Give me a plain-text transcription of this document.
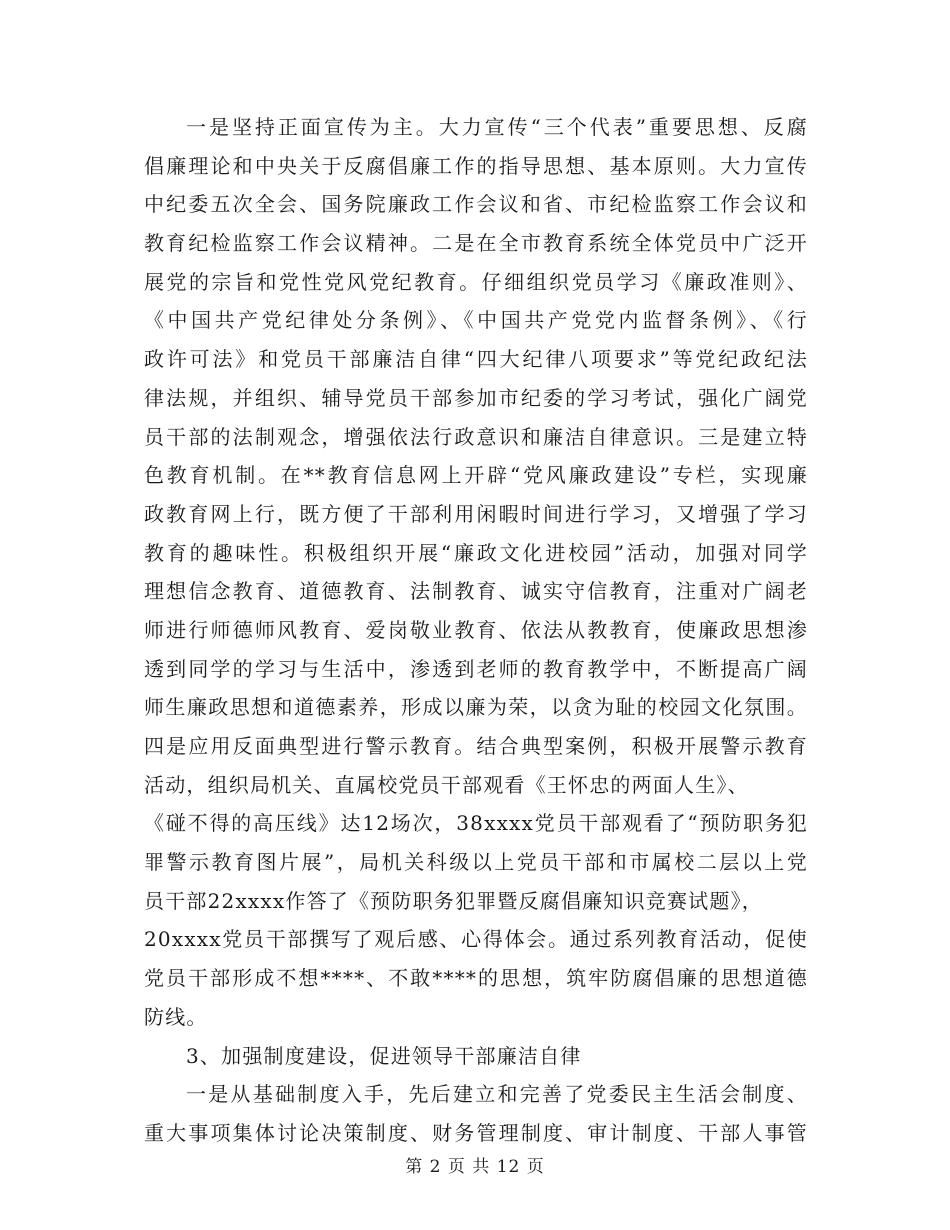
一是坚持正面宣传为主。大力宣传“三个代表”重要思想、反腐
倡廉理论和中央关于反腐倡廉工作的指导思想、基本原则。大力宣传
中纪委五次全会、国务院廉政工作会议和省、市纪检监察工作会议和
教育纪检监察工作会议精神。二是在全市教育系统全体党员中广泛开
展党的宗旨和党性党风党纪教育。仔细组织党员学习《廉政准则》、
《中国共产党纪律处分条例》、《中国共产党党内监督条例》、《行
政许可法》和党员干部廉洁自律“四大纪律八项要求”等党纪政纪法
律法规，并组织、辅导党员干部参加市纪委的学习考试，强化广阔党
员干部的法制观念，增强依法行政意识和廉洁自律意识。三是建立特
色教育机制。在**教育信息网上开辟“党风廉政建设”专栏，实现廉
政教育网上行，既方便了干部利用闲暇时间进行学习，又增强了学习
教育的趣味性。积极组织开展“廉政文化进校园”活动，加强对同学
理想信念教育、道德教育、法制教育、诚实守信教育，注重对广阔老
师进行师德师风教育、爱岗敬业教育、依法从教教育，使廉政思想渗
透到同学的学习与生活中，渗透到老师的教育教学中，不断提高广阔
师生廉政思想和道德素养，形成以廉为荣，以贪为耻的校园文化氛围。
四是应用反面典型进行警示教育。结合典型案例，积极开展警示教育
活动，组织局机关、直属校党员干部观看《王怀忠的两面人生》、
《碰不得的高压线》达12场次，38xxxx党员干部观看了“预防职务犯
罪警示教育图片展”，局机关科级以上党员干部和市属校二层以上党
员干部22xxxx作答了《预防职务犯罪暨反腐倡廉知识竞赛试题》，
20xxxx党员干部撰写了观后感、心得体会。通过系列教育活动，促使
党员干部形成不想****、不敢****的思想，筑牢防腐倡廉的思想道德
防线。
3、加强制度建设，促进领导干部廉洁自律
一是从基础制度入手，先后建立和完善了党委民主生活会制度、
重大事项集体讨论决策制度、财务管理制度、审计制度、干部人事管
第 2 页 共 12 页
